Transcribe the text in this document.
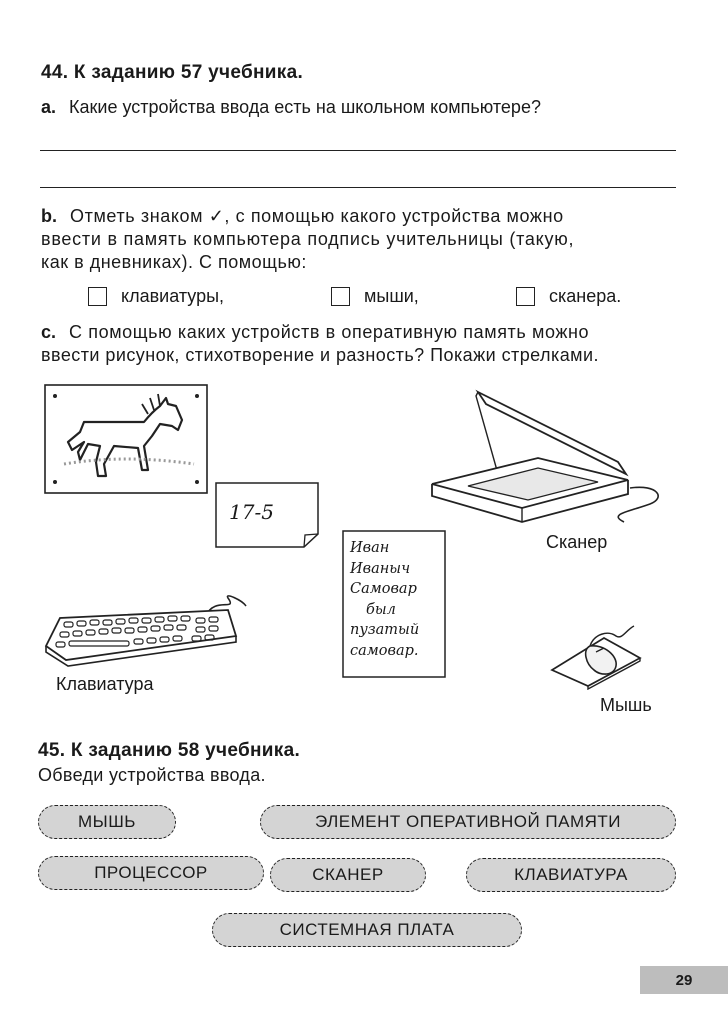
44. К заданию 57 учебника.
a. Какие устройства ввода есть на школьном компьютере?
b. Отметь знаком ✓, с помощью какого устройства можно
ввести в память компьютера подпись учительницы (такую,
как в дневниках). С помощью:
клавиатуры,	мыши,	сканера.
c. С помощью каких устройств в оперативную память можно
ввести рисунок, стихотворение и разность? Покажи стрелками.
17-5
Иван
Иваныч
Самовар
был
пузатый
самовар.
Сканер
Клавиатура
Мышь
45. К заданию 58 учебника.
Обведи устройства ввода.
МЫШЬ	ЭЛЕМЕНТ ОПЕРАТИВНОЙ ПАМЯТИ
ПРОЦЕССОР	СКАНЕР	КЛАВИАТУРА
СИСТЕМНАЯ ПЛАТА
29
